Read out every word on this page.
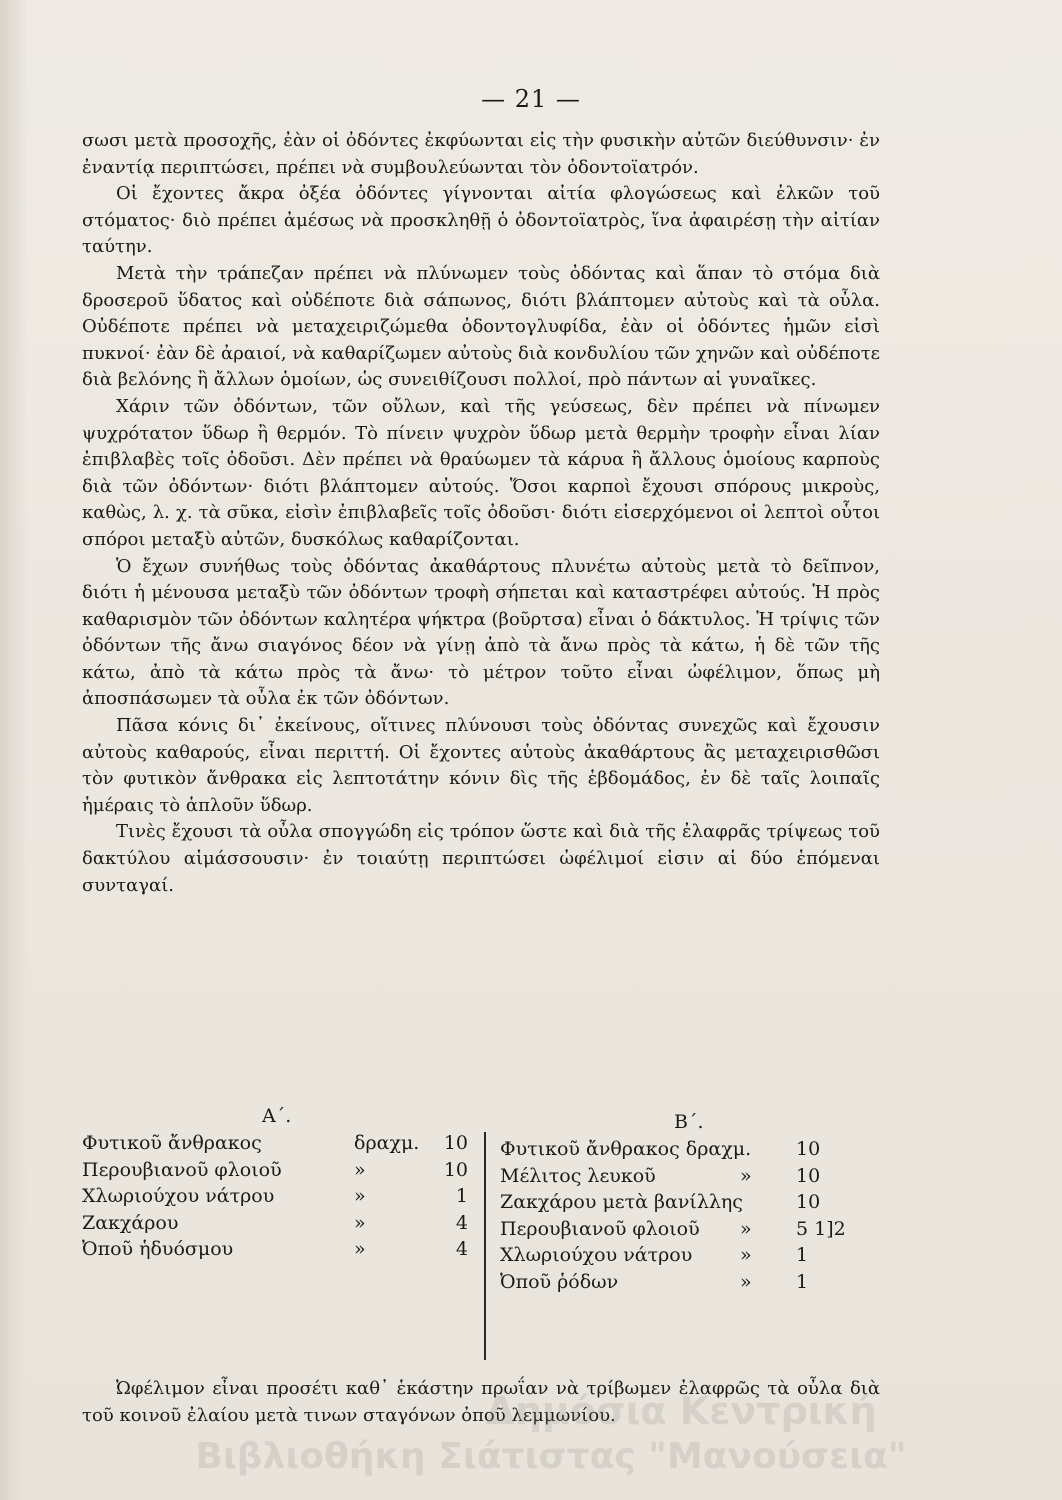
— 21 —

σωσι μετὰ προσοχῆς, ἐὰν οἱ ὀδόντες ἐκφύωνται εἰς τὴν φυσικὴν αὐτῶν διεύθυνσιν· ἐν ἐναντίᾳ περιπτώσει, πρέπει νὰ συμβουλεύωνται τὸν ὀδοντοϊατρόν.

Οἱ ἔχοντες ἄκρα ὀξέα ὀδόντες γίγνονται αἰτία φλογώσεως καὶ ἑλκῶν τοῦ στόματος· διὸ πρέπει ἀμέσως νὰ προσκληθῇ ὁ ὀδοντοϊατρὸς, ἵνα ἀφαιρέσῃ τὴν αἰτίαν ταύτην.

Μετὰ τὴν τράπεζαν πρέπει νὰ πλύνωμεν τοὺς ὀδόντας καὶ ἅπαν τὸ στόμα διὰ δροσεροῦ ὕδατος καὶ οὐδέποτε διὰ σάπωνος, διότι βλάπτομεν αὐτοὺς καὶ τὰ οὖλα. Οὐδέποτε πρέπει νὰ μεταχειριζώμεθα ὀδοντογλυφίδα, ἐὰν οἱ ὀδόντες ἡμῶν εἰσὶ πυκνοί· ἐὰν δὲ ἀραιοί, νὰ καθαρίζωμεν αὐτοὺς διὰ κονδυλίου τῶν χηνῶν καὶ οὐδέποτε διὰ βελόνης ἢ ἄλλων ὁμοίων, ὡς συνειθίζουσι πολλοί, πρὸ πάντων αἱ γυναῖκες.

Χάριν τῶν ὀδόντων, τῶν οὔλων, καὶ τῆς γεύσεως, δὲν πρέπει νὰ πίνωμεν ψυχρότατον ὕδωρ ἢ θερμόν. Τὸ πίνειν ψυχρὸν ὕδωρ μετὰ θερμὴν τροφὴν εἶναι λίαν ἐπιβλαβὲς τοῖς ὀδοῦσι. Δὲν πρέπει νὰ θραύωμεν τὰ κάρυα ἢ ἄλλους ὁμοίους καρποὺς διὰ τῶν ὀδόντων· διότι βλάπτομεν αὐτούς. Ὅσοι καρποὶ ἔχουσι σπόρους μικροὺς, καθὼς, λ. χ. τὰ σῦκα, εἰσὶν ἐπιβλαβεῖς τοῖς ὀδοῦσι· διότι εἰσερχόμενοι οἱ λεπτοὶ οὗτοι σπόροι μεταξὺ αὐτῶν, δυσκόλως καθαρίζονται.

Ὁ ἔχων συνήθως τοὺς ὀδόντας ἀκαθάρτους πλυνέτω αὐτοὺς μετὰ τὸ δεῖπνον, διότι ἡ μένουσα μεταξὺ τῶν ὀδόντων τροφὴ σήπεται καὶ καταστρέφει αὐτούς. Ἡ πρὸς καθαρισμὸν τῶν ὀδόντων καλητέρα ψήκτρα (βοῦρτσα) εἶναι ὁ δάκτυλος. Ἡ τρίψις τῶν ὀδόντων τῆς ἄνω σιαγόνος δέον νὰ γίνῃ ἀπὸ τὰ ἄνω πρὸς τὰ κάτω, ἡ δὲ τῶν τῆς κάτω, ἀπὸ τὰ κάτω πρὸς τὰ ἄνω· τὸ μέτρον τοῦτο εἶναι ὠφέλιμον, ὅπως μὴ ἀποσπάσωμεν τὰ οὖλα ἐκ τῶν ὀδόντων.

Πᾶσα κόνις δι᾽ ἐκείνους, οἵτινες πλύνουσι τοὺς ὀδόντας συνεχῶς καὶ ἔχουσιν αὐτοὺς καθαρούς, εἶναι περιττή. Οἱ ἔχοντες αὐτοὺς ἀκαθάρτους ἂς μεταχειρισθῶσι τὸν φυτικὸν ἄνθρακα εἰς λεπτοτάτην κόνιν δὶς τῆς ἑβδομάδος, ἐν δὲ ταῖς λοιπαῖς ἡμέραις τὸ ἁπλοῦν ὕδωρ.

Τινὲς ἔχουσι τὰ οὖλα σπογγώδη εἰς τρόπον ὥστε καὶ διὰ τῆς ἐλαφρᾶς τρίψεως τοῦ δακτύλου αἱμάσσουσιν· ἐν τοιαύτῃ περιπτώσει ὠφέλιμοί εἰσιν αἱ δύο ἑπόμεναι συνταγαί.

Α΄.
Φυτικοῦ ἄνθρακος	δραχμ. 10
Περουβιανοῦ φλοιοῦ	»	10
Χλωριούχου νάτρου	»	1
Ζακχάρου	»	4
Ὀποῦ ἡδυόσμου	»	4
Β΄.
Φυτικοῦ ἄνθρακος δραχμ. 10
Μέλιτος λευκοῦ	» 10
Ζακχάρου μετὰ βανίλλης	10
Περουβιανοῦ φλοιοῦ » 5 1]2
Χλωριούχου νάτρου	» 1
Ὀποῦ ῥόδων	» 1

Ὠφέλιμον εἶναι προσέτι καθ᾽ ἑκάστην πρωΐαν νὰ τρίβωμεν ἐλαφρῶς τὰ οὖλα διὰ τοῦ κοινοῦ ἐλαίου μετὰ τινων σταγόνων ὀποῦ λεμμωνίου.

Δημόσια Κεντρική
Βιβλιοθήκη Σιάτιστας "Μανούσεια"
